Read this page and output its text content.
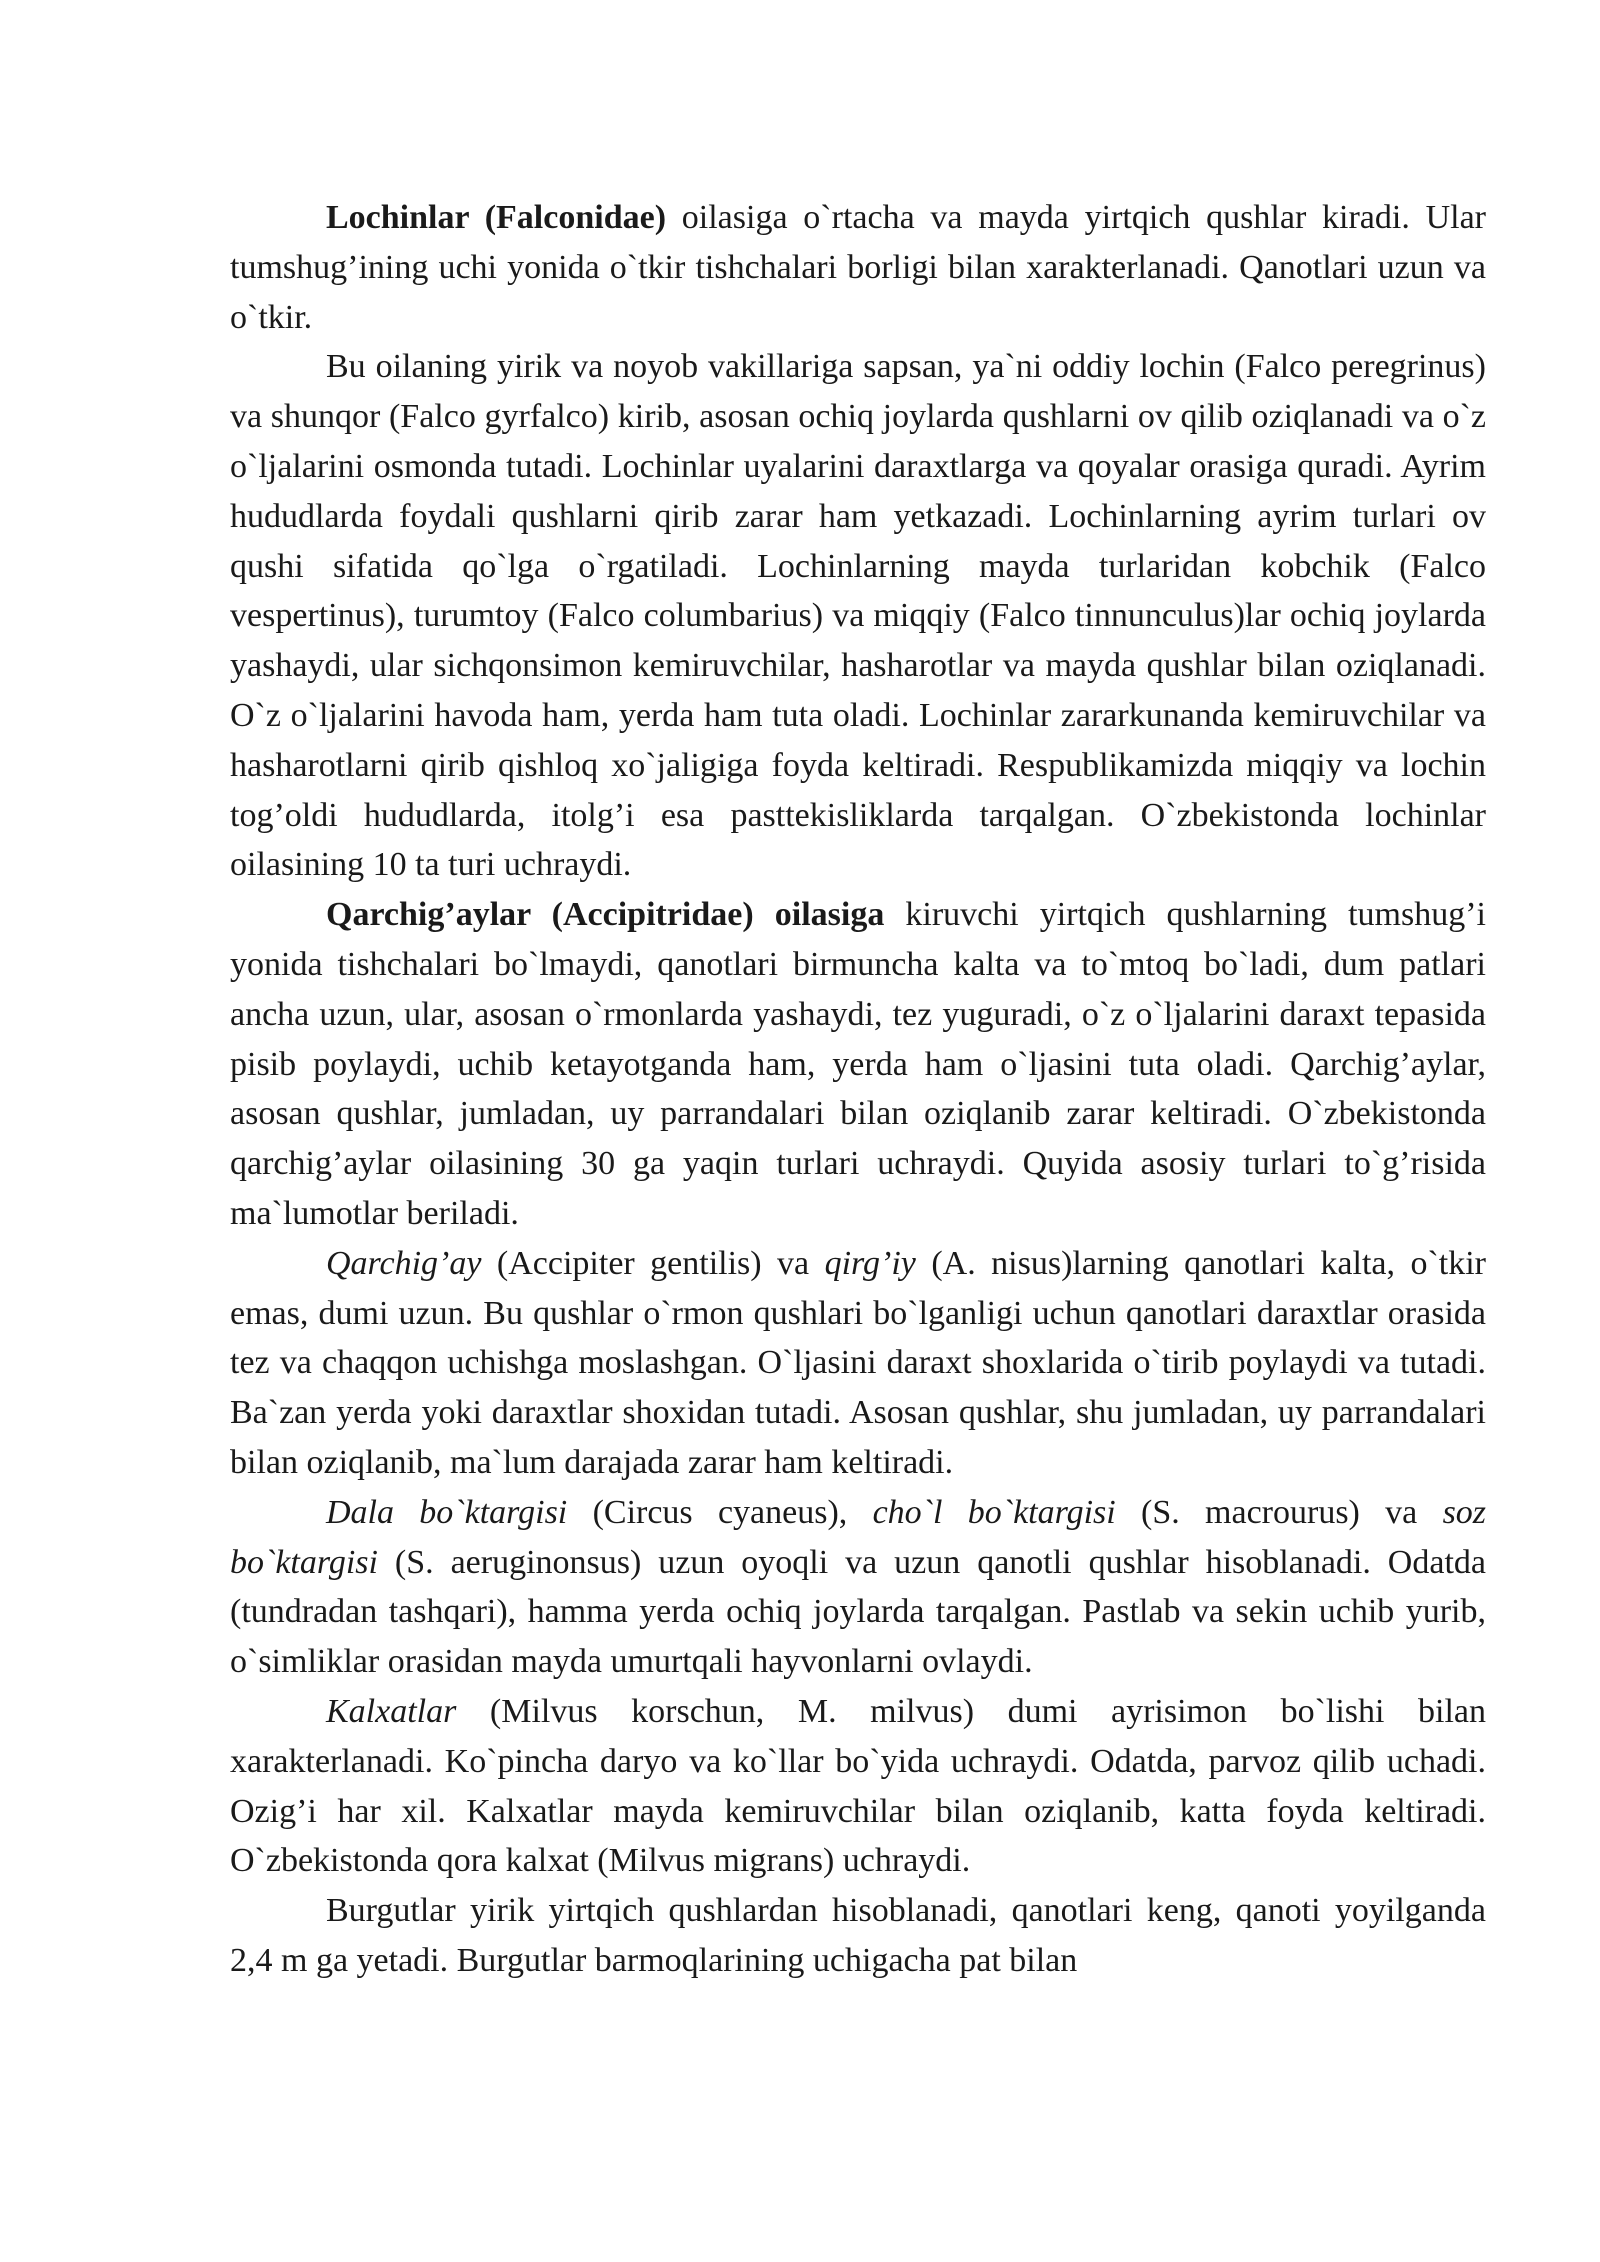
Lochinlar (Falconidae) oilasiga o`rtacha va mayda yirtqich qushlar kiradi. Ular tumshug’ining uchi yonida o`tkir tishchalari borligi bilan xarakterlanadi. Qanotlari uzun va o`tkir.

Bu oilaning yirik va noyob vakillariga sapsan, ya`ni oddiy lochin (Falco peregrinus) va shunqor (Falco gyrfalco) kirib, asosan ochiq joylarda qushlarni ov qilib oziqlanadi va o`z o`ljalarini osmonda tutadi. Lochinlar uyalarini daraxtlarga va qoyalar orasiga quradi. Ayrim hududlarda foydali qushlarni qirib zarar ham yetkazadi. Lochinlarning ayrim turlari ov qushi sifatida qo`lga o`rgatiladi. Lochinlarning mayda turlaridan kobchik (Falco vespertinus), turumtoy (Falco columbarius) va miqqiy (Falco tinnunculus)lar ochiq joylarda yashaydi, ular sichqonsimon kemiruvchilar, hasharotlar va mayda qushlar bilan oziqlanadi. O`z o`ljalarini havoda ham, yerda ham tuta oladi. Lochinlar zararkunanda kemiruvchilar va hasharotlarni qirib qishloq xo`jaligiga foyda keltiradi. Respublikamizda miqqiy va lochin tog’oldi hududlarda, itolg’i esa pasttekisliklarda tarqalgan. O`zbekistonda lochinlar oilasining 10 ta turi uchraydi.

Qarchig’aylar (Accipitridae) oilasiga kiruvchi yirtqich qushlarning tumshug’i yonida tishchalari bo`lmaydi, qanotlari birmuncha kalta va to`mtoq bo`ladi, dum patlari ancha uzun, ular, asosan o`rmonlarda yashaydi, tez yuguradi, o`z o`ljalarini daraxt tepasida pisib poylaydi, uchib ketayotganda ham, yerda ham o`ljasini tuta oladi. Qarchig’aylar, asosan qushlar, jumladan, uy parrandalari bilan oziqlanib zarar keltiradi. O`zbekistonda qarchig’aylar oilasining 30 ga yaqin turlari uchraydi. Quyida asosiy turlari to`g’risida ma`lumotlar beriladi.

Qarchig’ay (Accipiter gentilis) va qirg’iy (A. nisus)larning qanotlari kalta, o`tkir emas, dumi uzun. Bu qushlar o`rmon qushlari bo`lganligi uchun qanotlari daraxtlar orasida tez va chaqqon uchishga moslashgan. O`ljasini daraxt shoxlarida o`tirib poylaydi va tutadi. Ba`zan yerda yoki daraxtlar shoxidan tutadi. Asosan qushlar, shu jumladan, uy parrandalari bilan oziqlanib, ma`lum darajada zarar ham keltiradi.

Dala bo`ktargisi (Circus cyaneus), cho`l bo`ktargisi (S. macrourus) va soz bo`ktargisi (S. aeruginonsus) uzun oyoqli va uzun qanotli qushlar hisoblanadi. Odatda (tundradan tashqari), hamma yerda ochiq joylarda tarqalgan. Pastlab va sekin uchib yurib, o`simliklar orasidan mayda umurtqali hayvonlarni ovlaydi.

Kalxatlar (Milvus korschun, M. milvus) dumi ayrisimon bo`lishi bilan xarakterlanadi. Ko`pincha daryo va ko`llar bo`yida uchraydi. Odatda, parvoz qilib uchadi. Ozig’i har xil. Kalxatlar mayda kemiruvchilar bilan oziqlanib, katta foyda keltiradi. O`zbekistonda qora kalxat (Milvus migrans) uchraydi.

Burgutlar yirik yirtqich qushlardan hisoblanadi, qanotlari keng, qanoti yoyilganda 2,4 m ga yetadi. Burgutlar barmoqlarining uchigacha pat bilan
